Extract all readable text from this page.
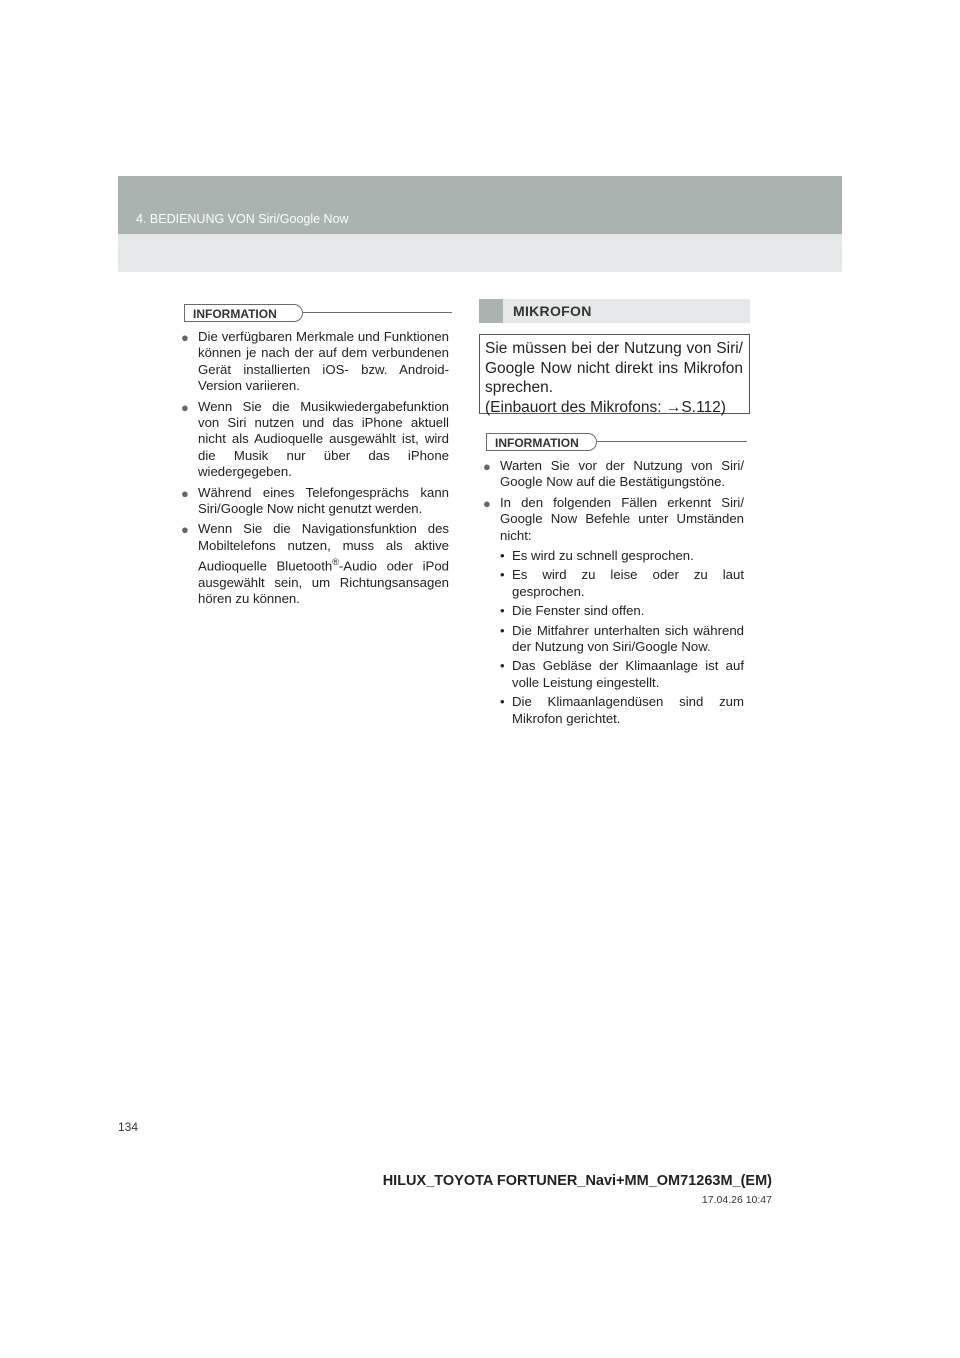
4. BEDIENUNG VON Siri/Google Now
INFORMATION
● Die verfügbaren Merkmale und Funktionen können je nach der auf dem verbundenen Gerät installierten iOS- bzw. Android-Version variieren.
● Wenn Sie die Musikwiedergabefunktion von Siri nutzen und das iPhone aktuell nicht als Audioquelle ausgewählt ist, wird die Musik nur über das iPhone wiedergegeben.
● Während eines Telefongesprächs kann Siri/Google Now nicht genutzt werden.
● Wenn Sie die Navigationsfunktion des Mobiltelefons nutzen, muss als aktive Audioquelle Bluetooth®-Audio oder iPod ausgewählt sein, um Richtungsansagen hören zu können.
MIKROFON

Sie müssen bei der Nutzung von Siri/

Google Now nicht direkt ins Mikrofon

sprechen.

(Einbauort des Mikrofons: →S.112)

INFORMATION
● Warten Sie vor der Nutzung von Siri/ Google Now auf die Bestätigungstöne.
● In den folgenden Fällen erkennt Siri/ Google Now Befehle unter Umständen nicht:
• Es wird zu schnell gesprochen.
• Es wird zu leise oder zu laut gesprochen.
• Die Fenster sind offen.
• Die Mitfahrer unterhalten sich während der Nutzung von Siri/Google Now.
• Das Gebläse der Klimaanlage ist auf volle Leistung eingestellt.
• Die Klimaanlagendüsen sind zum Mikrofon gerichtet.
134
HILUX_TOYOTA FORTUNER_Navi+MM_OM71263M_(EM)
17.04.26 10:47
